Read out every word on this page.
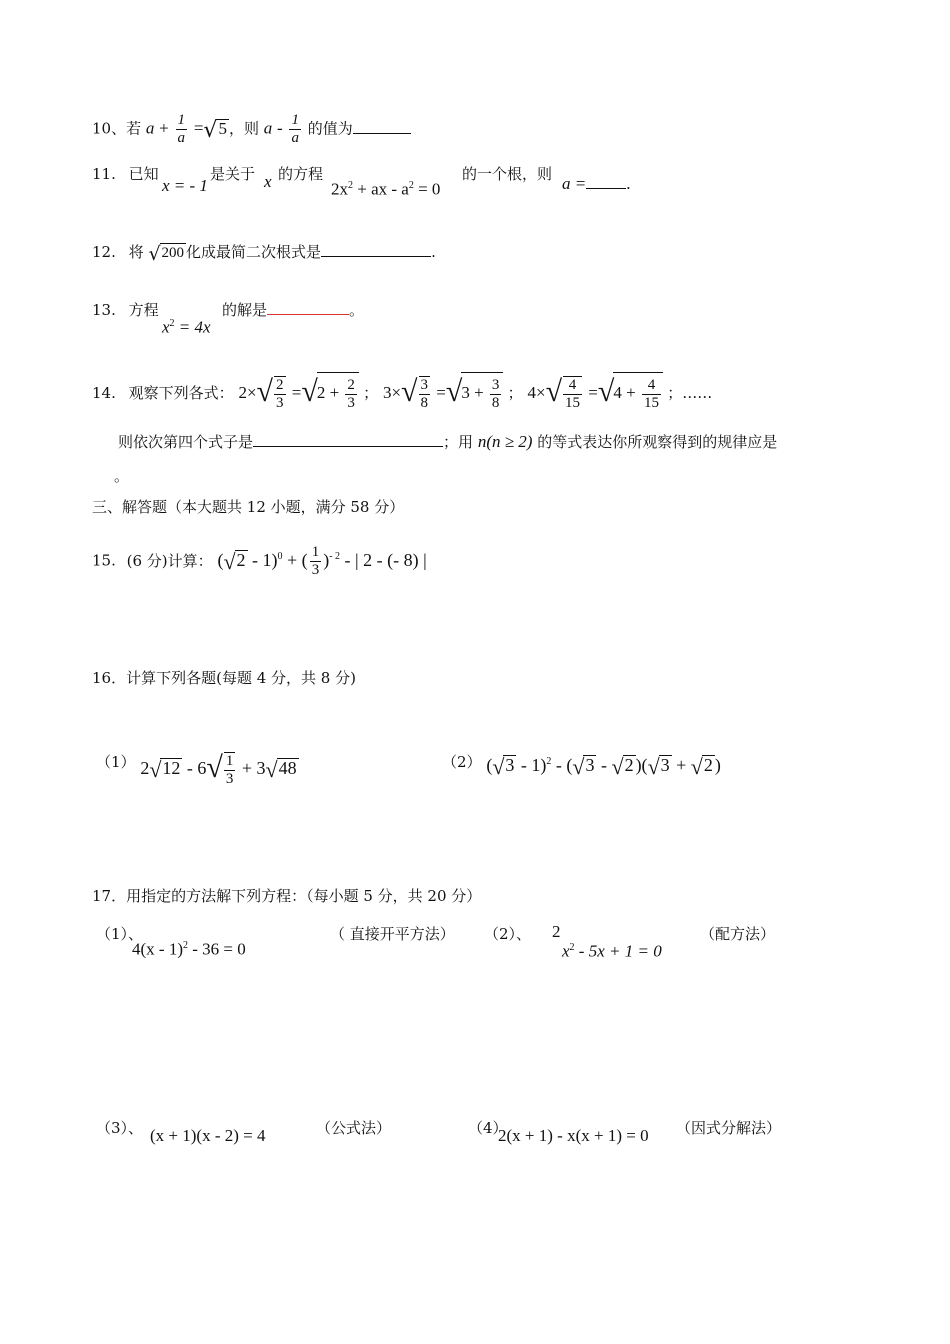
10、若 $a + \frac{1}{a} =√5$ ，则 a - $\frac{1}{a}$ 的值为
11. 已知
x = - 1
是关于 x 的方程
$2x^2$ + ax - $a^2 = 0$
的一个根，则 a = .
12. 将 √200 化成最简二次根式是	.
13. 方程
$x^2 = 4x$
的解是	。
14. 观察下列各式： $2\times√ \frac{2}{3} =√2 + \frac{2}{3}$ ； $3\times√ \frac{3}{8} =√3 + \frac{3}{8}$ ； $4\times√ \frac{4}{15} =√4 + \frac{4}{15}$ ；……
则依次第四个式子是	；用 n(n ≥ 2) 的等式表达你所观察得到的规律应是
。
三、解答题（本大题共 12 小题，满分 58 分）
15. (6 分)计算： (√2 - 1)$^0$ + ( $\frac{1}{3} )^{- 2}$ - | 2 - (- 8) |
16．计算下列各题(每题 4 分，共 8 分)
（1） $2√12 - 6√ \frac{1}{3} + 3√48$	（2） (√3 - 1)$^2$ - (√3 - √2 )(√3 + √2 )
17．用指定的方法解下列方程：（每小题 5 分，共 20 分）
（1）、
4(x - 1)$^2$ - 36 = 0
（ 直接开平方法） （2）、 2
$x^2 - 5x + 1 = 0$
（配方法）
（3）、 (x + 1)(x - 2) = 4	（公式法）	（4）
2(x + 1) - x(x + 1) = 0 （因式分解法）
